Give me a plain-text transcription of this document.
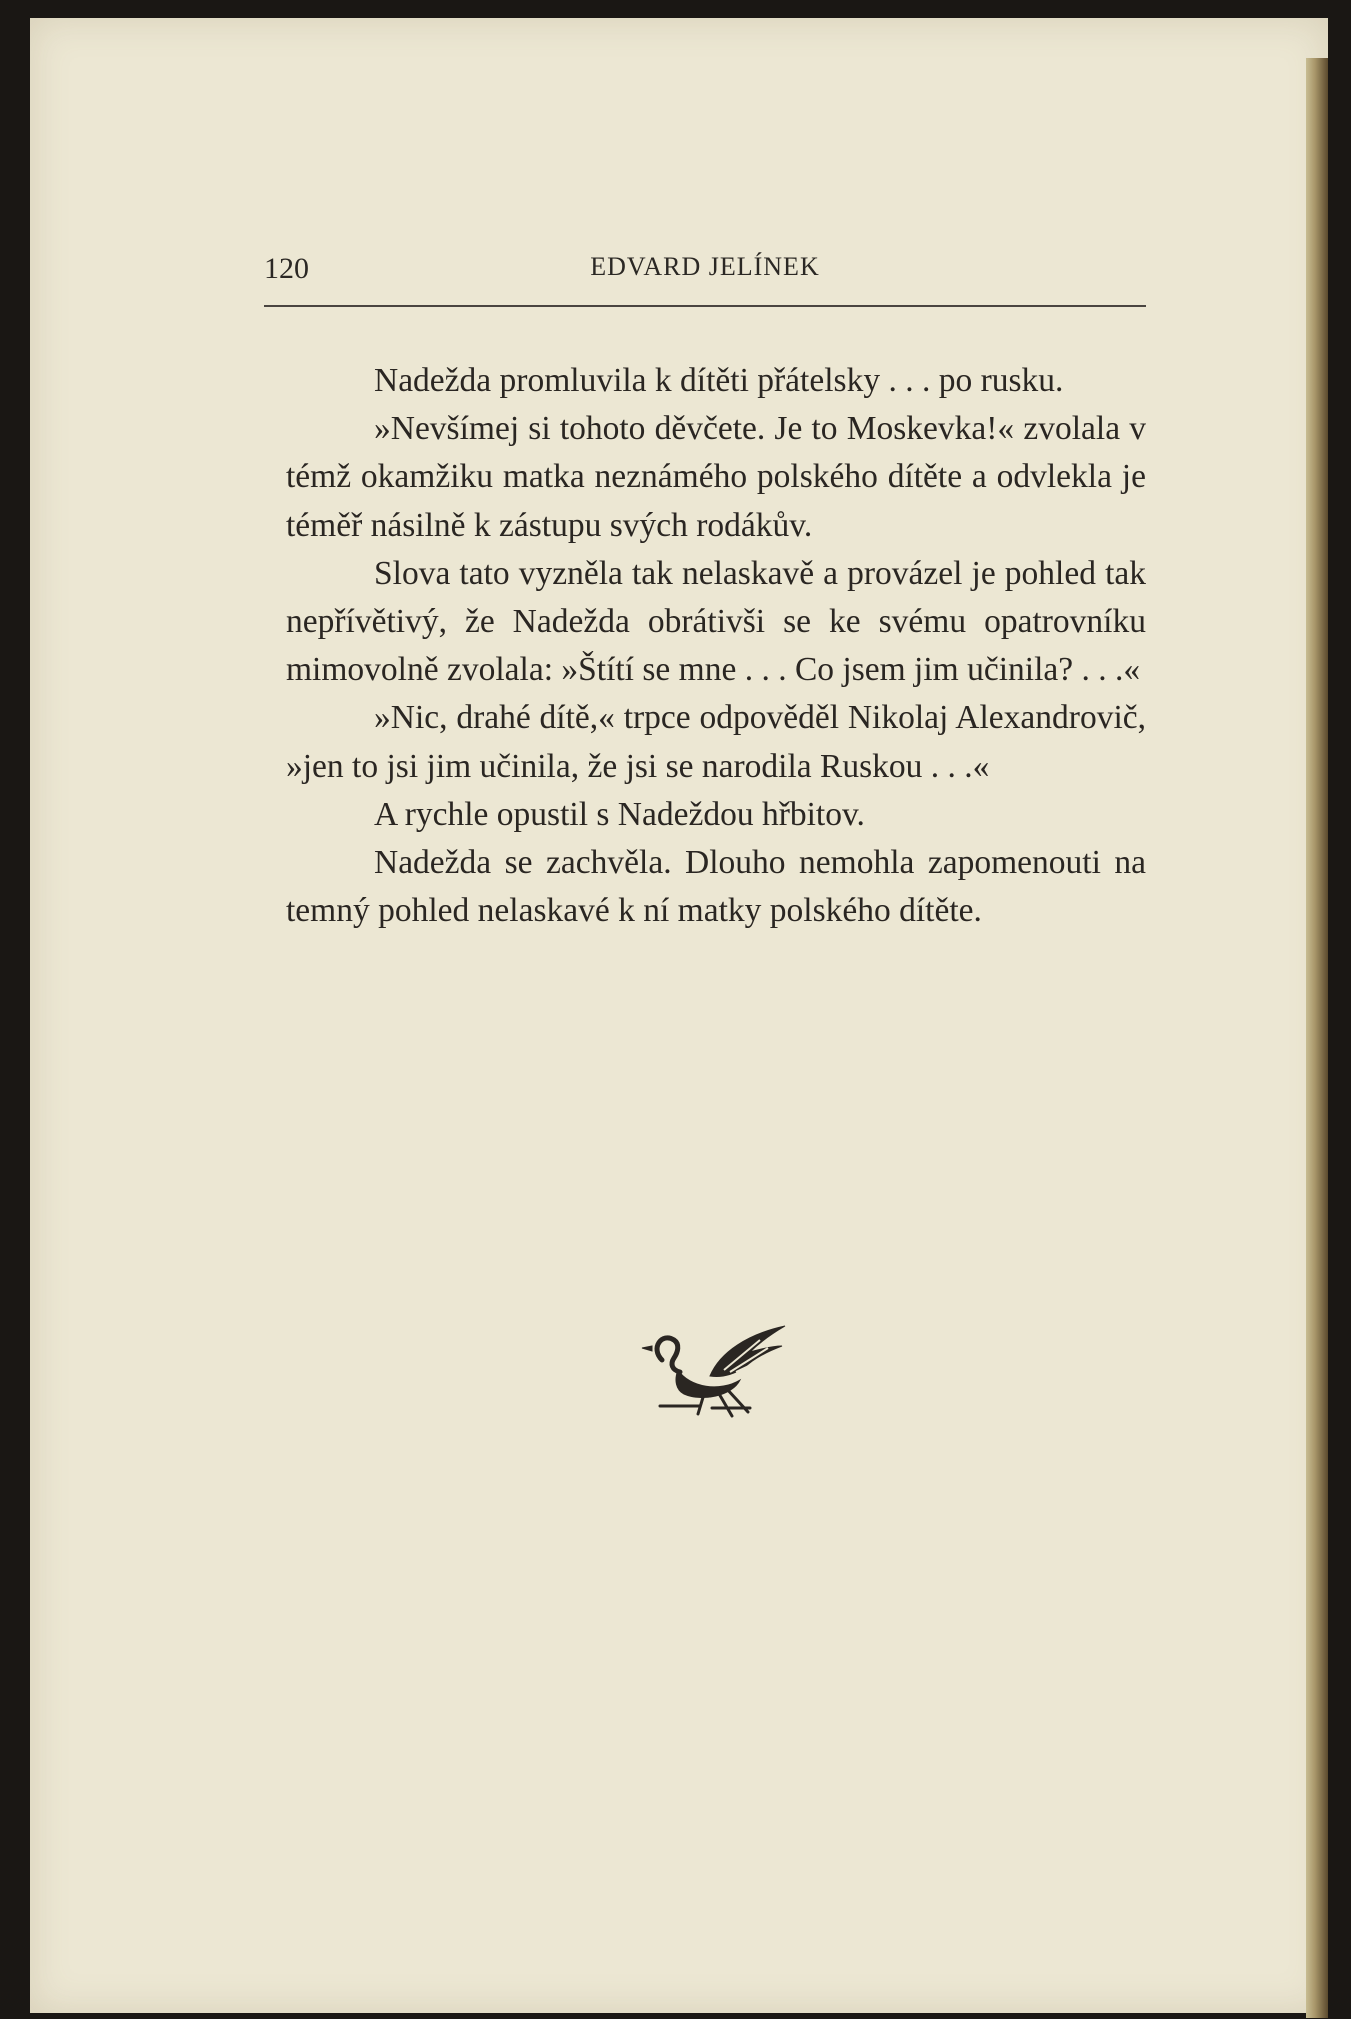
120	EDVARD JELÍNEK

Nadežda promluvila k dítěti přátelsky . . . po rusku.

»Nevšímej si tohoto děvčete. Je to Moskevka!« zvolala v témž okamžiku matka neznámého polského dítěte a odvlekla je téměř násilně k zástupu svých rodákův.

Slova tato vyzněla tak nelaskavě a provázel je pohled tak nepřívětivý, že Nadežda obrátivši se ke svému opatrovníku mimovolně zvolala: »Štítí se mne . . . Co jsem jim učinila? . . .«

»Nic, drahé dítě,« trpce odpověděl Nikolaj Alexandrovič, »jen to jsi jim učinila, že jsi se narodila Ruskou . . .«

A rychle opustil s Nadeždou hřbitov.

Nadežda se zachvěla. Dlouho nemohla zapomenouti na temný pohled nelaskavé k ní matky polského dítěte.
